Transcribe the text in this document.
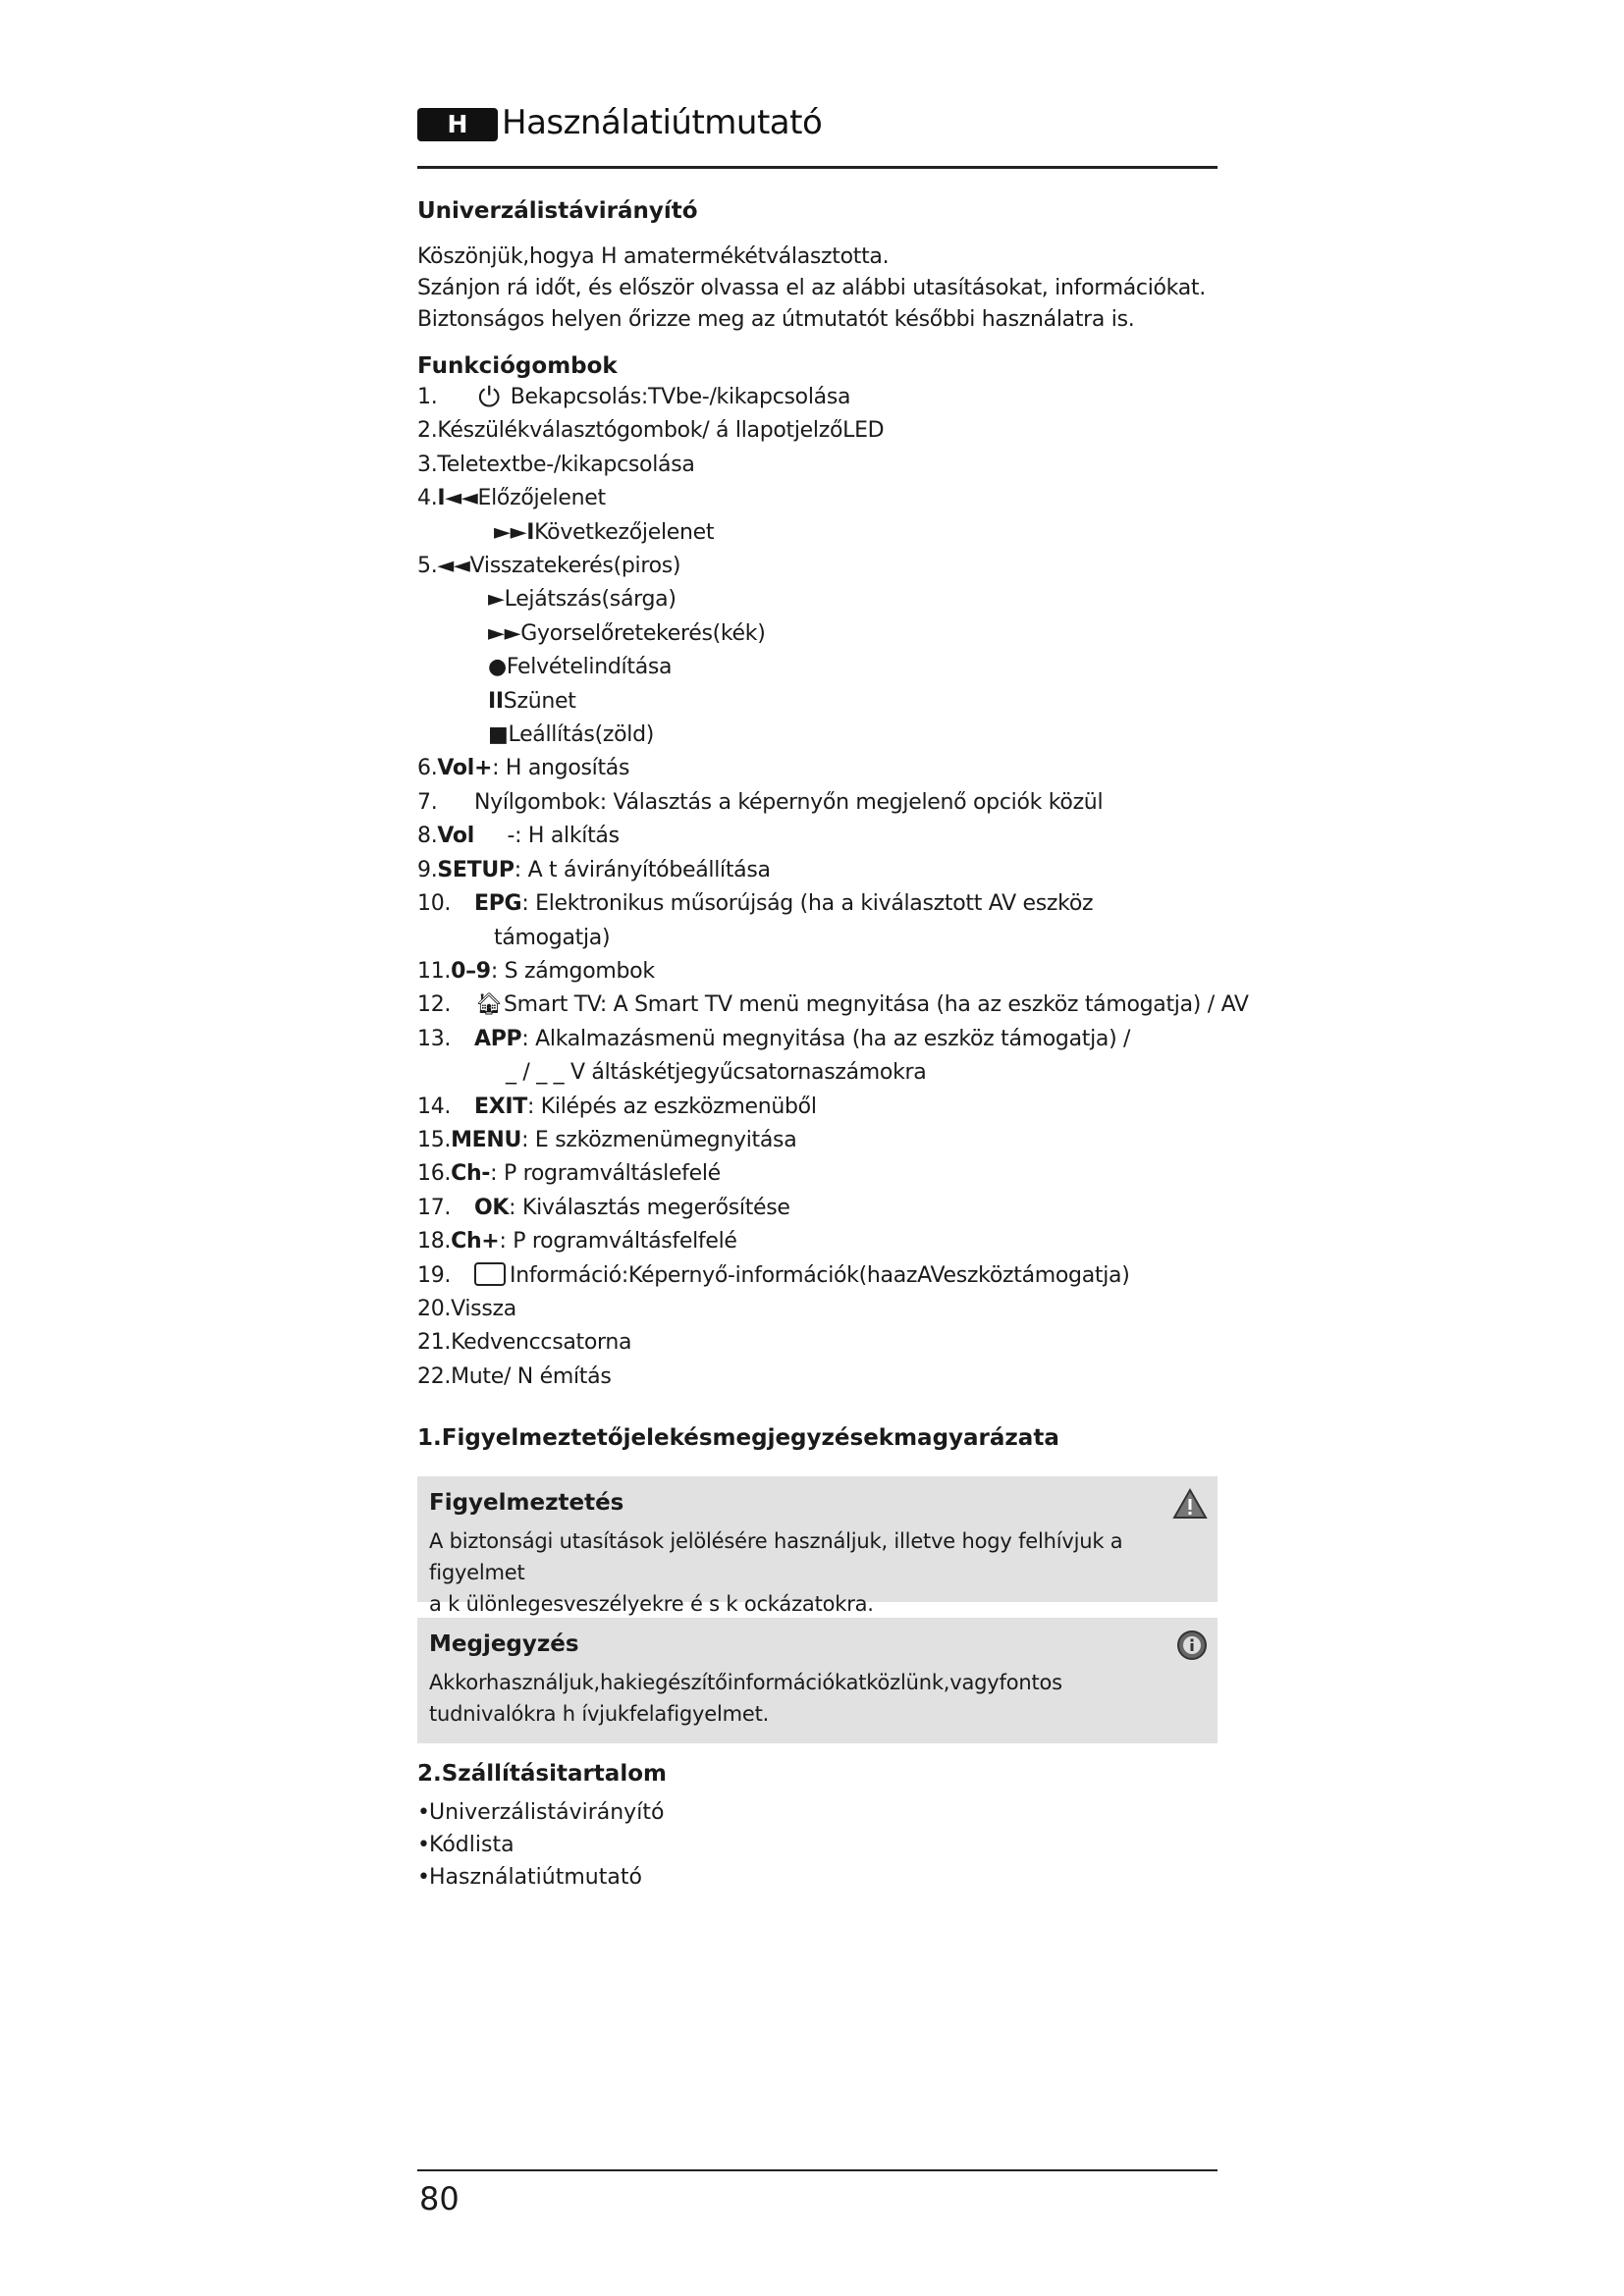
H	Használatiútmutató
Univerzálistávirányító
Köszönjük,hogya H amatermékétválasztotta.
Szánjon rá időt, és először olvassa el az alábbi utasításokat, információkat.
Biztonságos helyen őrizze meg az útmutatót későbbi használatra is.
Funkciógombok
1. ⏻ Bekapcsolás:TVbe-/kikapcsolása
2.Készülékválasztógombok/ á llapotjelzőLED
3.Teletextbe-/kikapcsolása
4.I◄◄Előzőjelenet
►►IKövetkezőjelenet
5.◄◄Visszatekerés(piros)
►Lejátszás(sárga)
►►Gyorselőretekerés(kék)
●Felvételindítása
IISzünet
■Leállítás(zöld)
6.Vol+: H angosítás
7. Nyílgombok: Választás a képernyőn megjelenő opciók közül
8.Vol -: H alkítás
9.SETUP: A t ávirányítóbeállítása
10. EPG: Elektronikus műsorújság (ha a kiválasztott AV eszköz
támogatja)
11.0–9: S zámgombok
12. 🏠︎Smart TV: A Smart TV menü megnyitása (ha az eszköz támogatja) / AV
13. APP: Alkalmazásmenü megnyitása (ha az eszköz támogatja) /
_ / _ _ V áltáskétjegyűcsatornaszámokra
14. EXIT: Kilépés az eszközmenüből
15.MENU: E szközmenümegnyitása
16.Ch-: P rogramváltáslefelé
17. OK: Kiválasztás megerősítése
18.Ch+: P rogramváltásfelfelé
19.	Információ:Képernyő-információk(haazAVeszköztámogatja)
20.Vissza
21.Kedvenccsatorna
22.Mute/ N émítás
1.Figyelmeztetőjelekésmegjegyzésekmagyarázata
Figyelmeztetés
A biztonsági utasítások jelölésére használjuk, illetve hogy felhívjuk a figyelmet
a k ülönlegesveszélyekre é s k ockázatokra.
Megjegyzés
Akkorhasználjuk,hakiegészítőinformációkatközlünk,vagyfontos
tudnivalókra h ívjukfelafigyelmet.
2.Szállításitartalom
•Univerzálistávirányító
•Kódlista
•Használatiútmutató
80
